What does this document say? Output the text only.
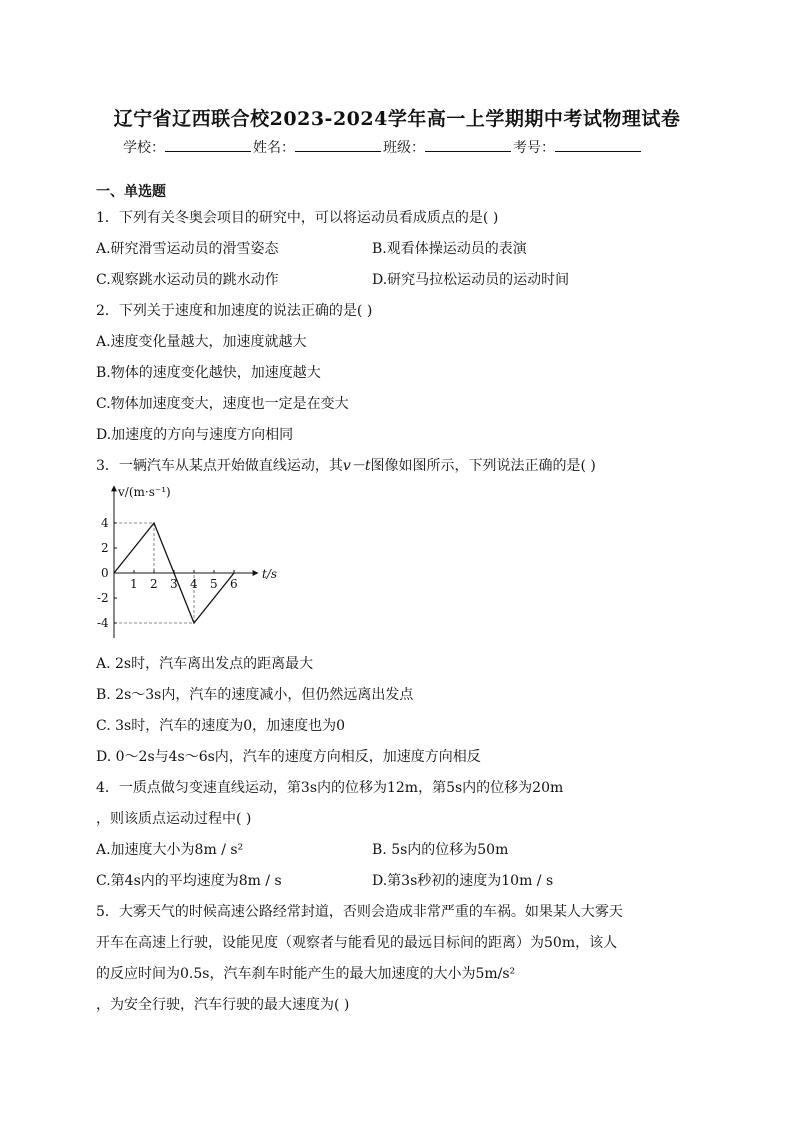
辽宁省辽西联合校2023-2024学年高一上学期期中考试物理试卷
学校：	姓名：	班级：	考号：
一、单选题
1．下列有关冬奥会项目的研究中，可以将运动员看成质点的是( )
A.研究滑雪运动员的滑雪姿态	B.观看体操运动员的表演
C.观察跳水运动员的跳水动作	D.研究马拉松运动员的运动时间
2．下列关于速度和加速度的说法正确的是( )
A.速度变化量越大，加速度就越大
B.物体的速度变化越快，加速度越大
C.物体加速度变大，速度也一定是在变大
D.加速度的方向与速度方向相同
3．一辆汽车从某点开始做直线运动，其v－t图像如图所示，下列说法正确的是( )
1 2 3 4 5 6
4
2
-2
-4
v/(m·s⁻¹)
t/s
0
A. 2s时，汽车离出发点的距离最大
B. 2s～3s内，汽车的速度减小，但仍然远离出发点
C. 3s时，汽车的速度为0，加速度也为0
D. 0～2s与4s～6s内，汽车的速度方向相反，加速度方向相反
4．一质点做匀变速直线运动，第3s内的位移为12m，第5s内的位移为20m
，则该质点运动过程中( )
A.加速度大小为8m / s²	B. 5s内的位移为50m
C.第4s内的平均速度为8m / s	D.第3s秒初的速度为10m / s
5．大雾天气的时候高速公路经常封道，否则会造成非常严重的车祸。如果某人大雾天
开车在高速上行驶，设能见度（观察者与能看见的最远目标间的距离）为50m，该人
的反应时间为0.5s，汽车刹车时能产生的最大加速度的大小为5m/s²
，为安全行驶，汽车行驶的最大速度为( )
